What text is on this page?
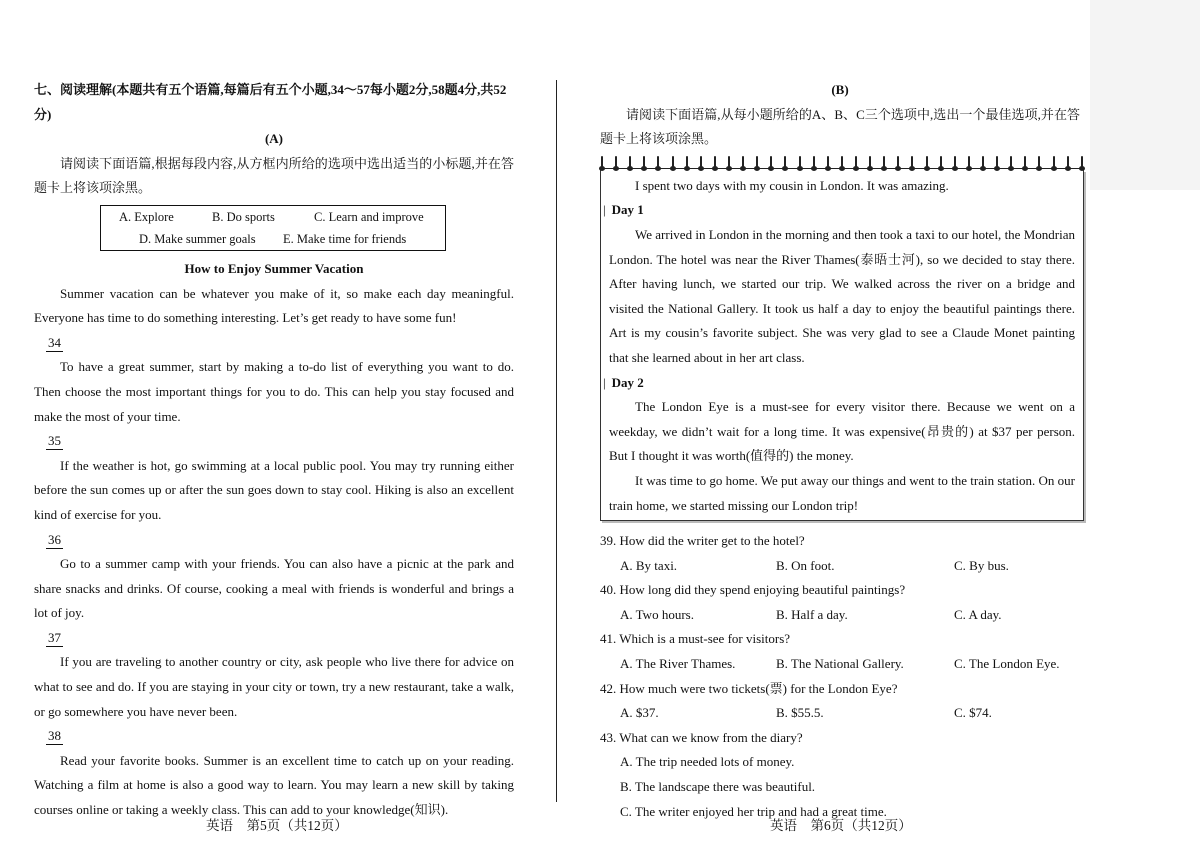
七、阅读理解(本题共有五个语篇,每篇后有五个小题,34～57每小题2分,58题4分,共52分)

(A)

请阅读下面语篇,根据每段内容,从方框内所给的选项中选出适当的小标题,并在答题卡上将该项涂黑。

A. Explore	B. Do sports	C. Learn and improve
D. Make summer goals	E. Make time for friends

How to Enjoy Summer Vacation

Summer vacation can be whatever you make of it, so make each day meaningful. Everyone has time to do something interesting. Let’s get ready to have some fun!

34

To have a great summer, start by making a to-do list of everything you want to do. Then choose the most important things for you to do. This can help you stay focused and make the most of your time.

35

If the weather is hot, go swimming at a local public pool. You may try running either before the sun comes up or after the sun goes down to stay cool. Hiking is also an excellent kind of exercise for you.

36

Go to a summer camp with your friends. You can also have a picnic at the park and share snacks and drinks. Of course, cooking a meal with friends is wonderful and brings a lot of joy.

37

If you are traveling to another country or city, ask people who live there for advice on what to see and do. If you are staying in your city or town, try a new restaurant, take a walk, or go somewhere you have never been.

38

Read your favorite books. Summer is an excellent time to catch up on your reading. Watching a film at home is also a good way to learn. You may learn a new skill by taking courses online or taking a weekly class. This can add to your knowledge(知识).

(B)

请阅读下面语篇,从每小题所给的A、B、C三个选项中,选出一个最佳选项,并在答题卡上将该项涂黑。

I spent two days with my cousin in London. It was amazing.

| Day 1

We arrived in London in the morning and then took a taxi to our hotel, the Mondrian London. The hotel was near the River Thames(泰晤士河), so we decided to stay there. After having lunch, we started our trip. We walked across the river on a bridge and visited the National Gallery. It took us half a day to enjoy the beautiful paintings there. Art is my cousin’s favorite subject. She was very glad to see a Claude Monet painting that she learned about in her art class.

| Day 2

The London Eye is a must-see for every visitor there. Because we went on a weekday, we didn’t wait for a long time. It was expensive(昂贵的) at $37 per person. But I thought it was worth(值得的) the money.

It was time to go home. We put away our things and went to the train station. On our train home, we started missing our London trip!

39. How did the writer get to the hotel?

A. By taxi.	B. On foot.	C. By bus.

40. How long did they spend enjoying beautiful paintings?

A. Two hours.	B. Half a day.	C. A day.

41. Which is a must-see for visitors?

A. The River Thames.	B. The National Gallery.	C. The London Eye.

42. How much were two tickets(票) for the London Eye?

A. $37.	B. $55.5.	C. $74.

43. What can we know from the diary?

A. The trip needed lots of money.

B. The landscape there was beautiful.

C. The writer enjoyed her trip and had a great time.

英语　第5页（共12页）	英语　第6页（共12页）
